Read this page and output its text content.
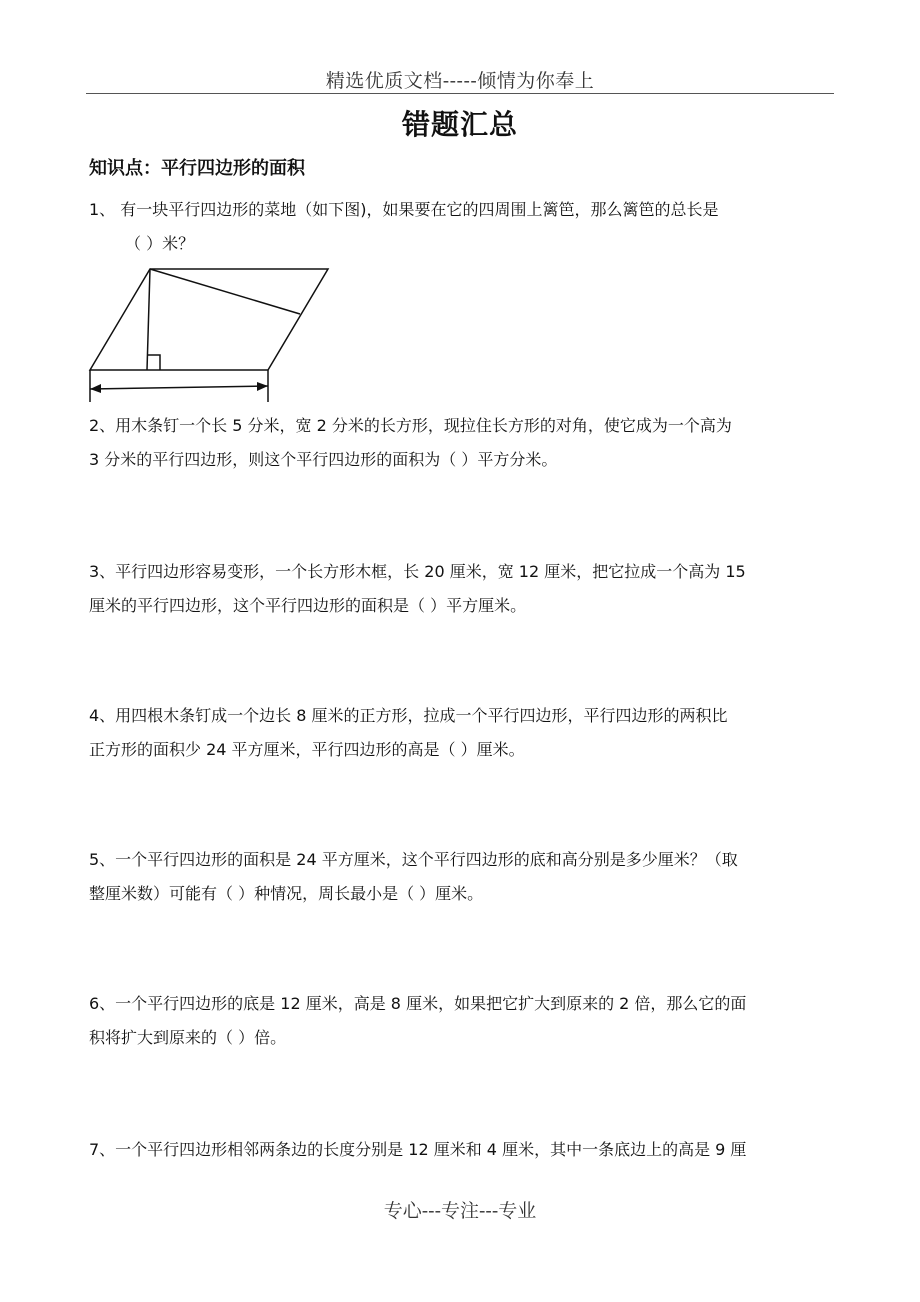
精选优质文档-----倾情为你奉上
错题汇总
知识点：平行四边形的面积
1、 有一块平行四边形的菜地（如下图)，如果要在它的四周围上篱笆，那么篱笆的总长是
（ ）米？
2、用木条钉一个长 5 分米，宽 2 分米的长方形，现拉住长方形的对角，使它成为一个高为
3 分米的平行四边形，则这个平行四边形的面积为（ ）平方分米。
3、平行四边形容易变形，一个长方形木框，长 20 厘米，宽 12 厘米，把它拉成一个高为 15
厘米的平行四边形，这个平行四边形的面积是（ ）平方厘米。
4、用四根木条钉成一个边长 8 厘米的正方形，拉成一个平行四边形，平行四边形的两积比
正方形的面积少 24 平方厘米，平行四边形的高是（ ）厘米。
5、一个平行四边形的面积是 24 平方厘米，这个平行四边形的底和高分别是多少厘米？（取
整厘米数）可能有（ ）种情况，周长最小是（ ）厘米。
6、一个平行四边形的底是 12 厘米，高是 8 厘米，如果把它扩大到原来的 2 倍，那么它的面
积将扩大到原来的（ ）倍。
7、一个平行四边形相邻两条边的长度分别是 12 厘米和 4 厘米，其中一条底边上的高是 9 厘
专心---专注---专业
